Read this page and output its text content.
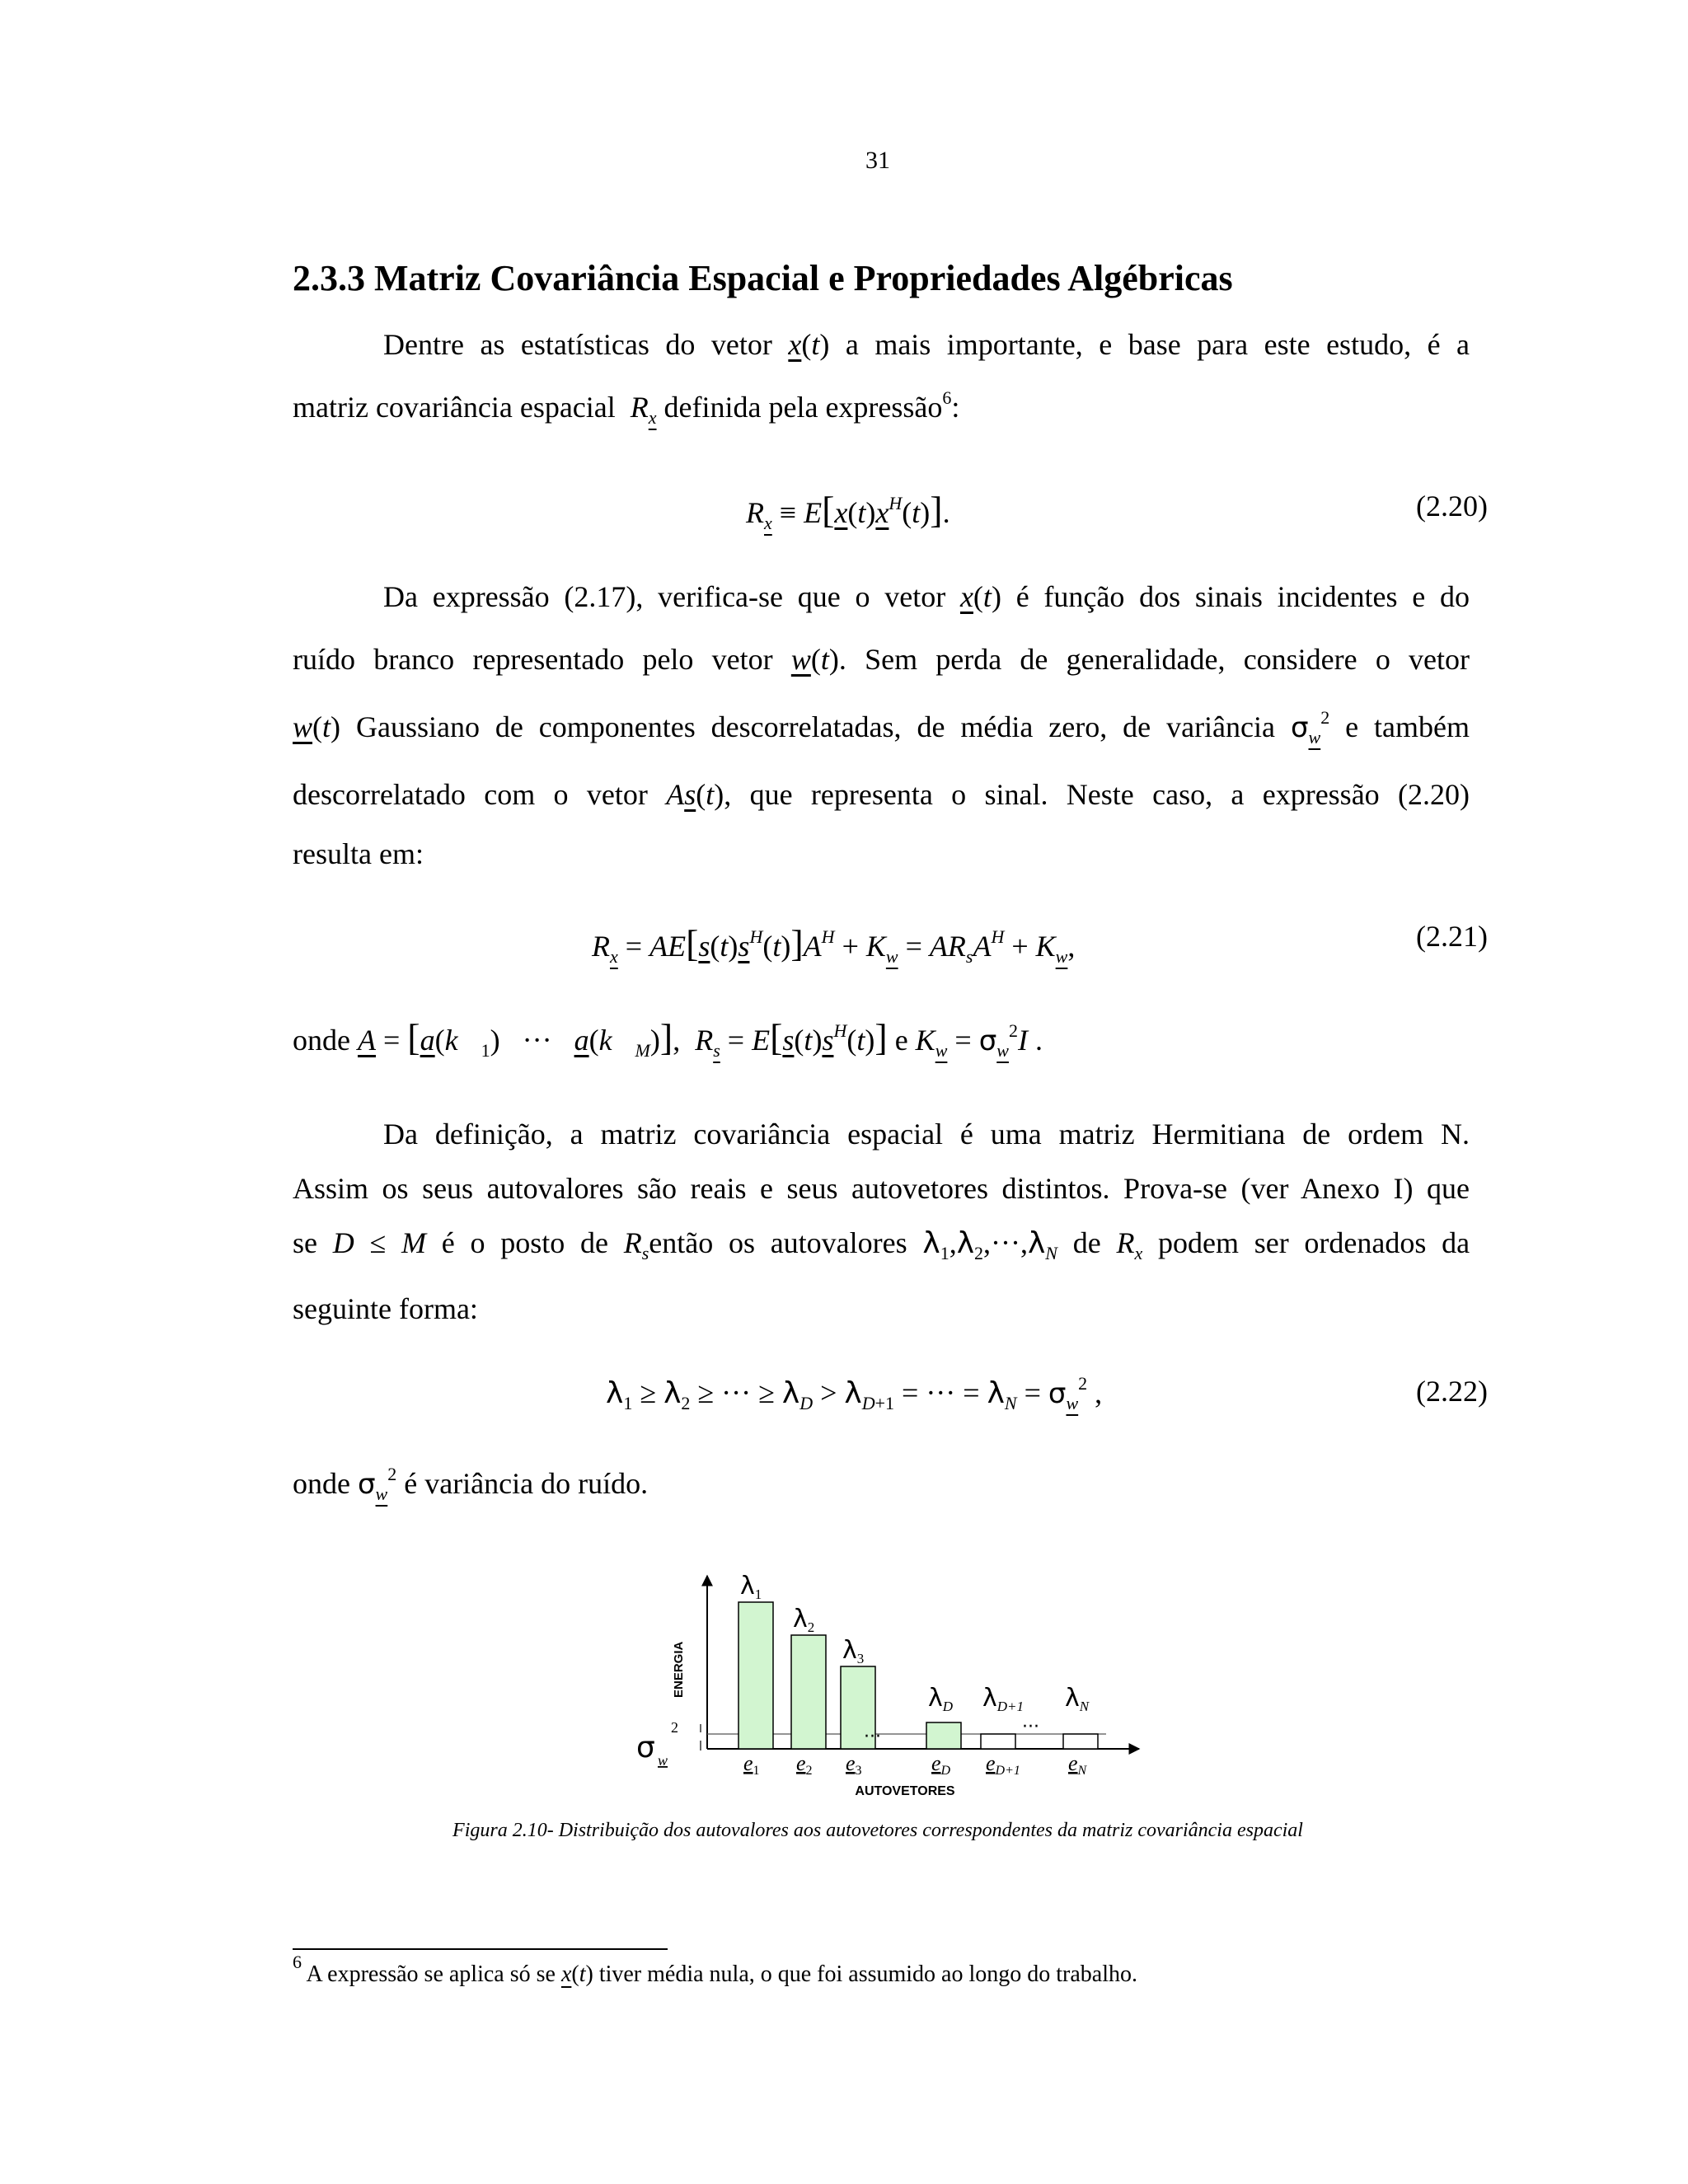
31
2.3.3 Matriz Covariância Espacial e Propriedades Algébricas
Dentre as estatísticas do vetor x(t) a mais importante, e base para este estudo, é a
matriz covariância espacial $R_x$ definida pela expressão$^6$:
$R_x \equiv E[x(t)x^H(t)]$.	(2.20)
Da expressão (2.17), verifica-se que o vetor x(t) é função dos sinais incidentes e do
ruído branco representado pelo vetor w(t). Sem perda de generalidade, considere o vetor
w(t) Gaussiano de componentes descorrelatadas, de média zero, de variância $\sigma_w^2$ e também
descorrelatado com o vetor As(t), que representa o sinal. Neste caso, a expressão (2.20)
resulta em:
$R_x = AE[s(t)s^H(t)]A^H + K_w = AR_sA^H + K_w$,	(2.21)
onde $A = [a(k⃗_1)$   ···   $a(k⃗_M)$],  $R_s = E[s(t)s^H(t)]$ e $K_w = \sigma_w^2I$ .
Da definição, a matriz covariância espacial é uma matriz Hermitiana de ordem N.
Assim os seus autovalores são reais e seus autovetores distintos. Prova-se (ver Anexo I) que
se D ≤ M é o posto de $R_sentão$ os autovalores $\lambda_1,\lambda_2,\cdot\cdot\cdot,\lambda_N$ de $R_x$ podem ser ordenados da
seguinte forma:
$\lambda_1 \ge \lambda_2$ ≥ ··· ≥ $\lambda_D > \lambda_{D+1}$ = ··· = $\lambda_N = \sigma_w^2$ ,	(2.22)
onde $\sigma_w^2$ é variância do ruído.
$\lambda_1$
$\lambda_2$
$\lambda_3$
$\lambda_D$ $\lambda_{D+1}$ $\lambda_N$
e1 e2 e3	eD eD+1 eN
···	···
ENERGIA
AUTOVETORES
σ
2
w
Figura 2.10- Distribuição dos autovalores aos autovetores correspondentes da matriz covariância espacial
$^6$ A expressão se aplica só se x(t) tiver média nula, o que foi assumido ao longo do trabalho.
